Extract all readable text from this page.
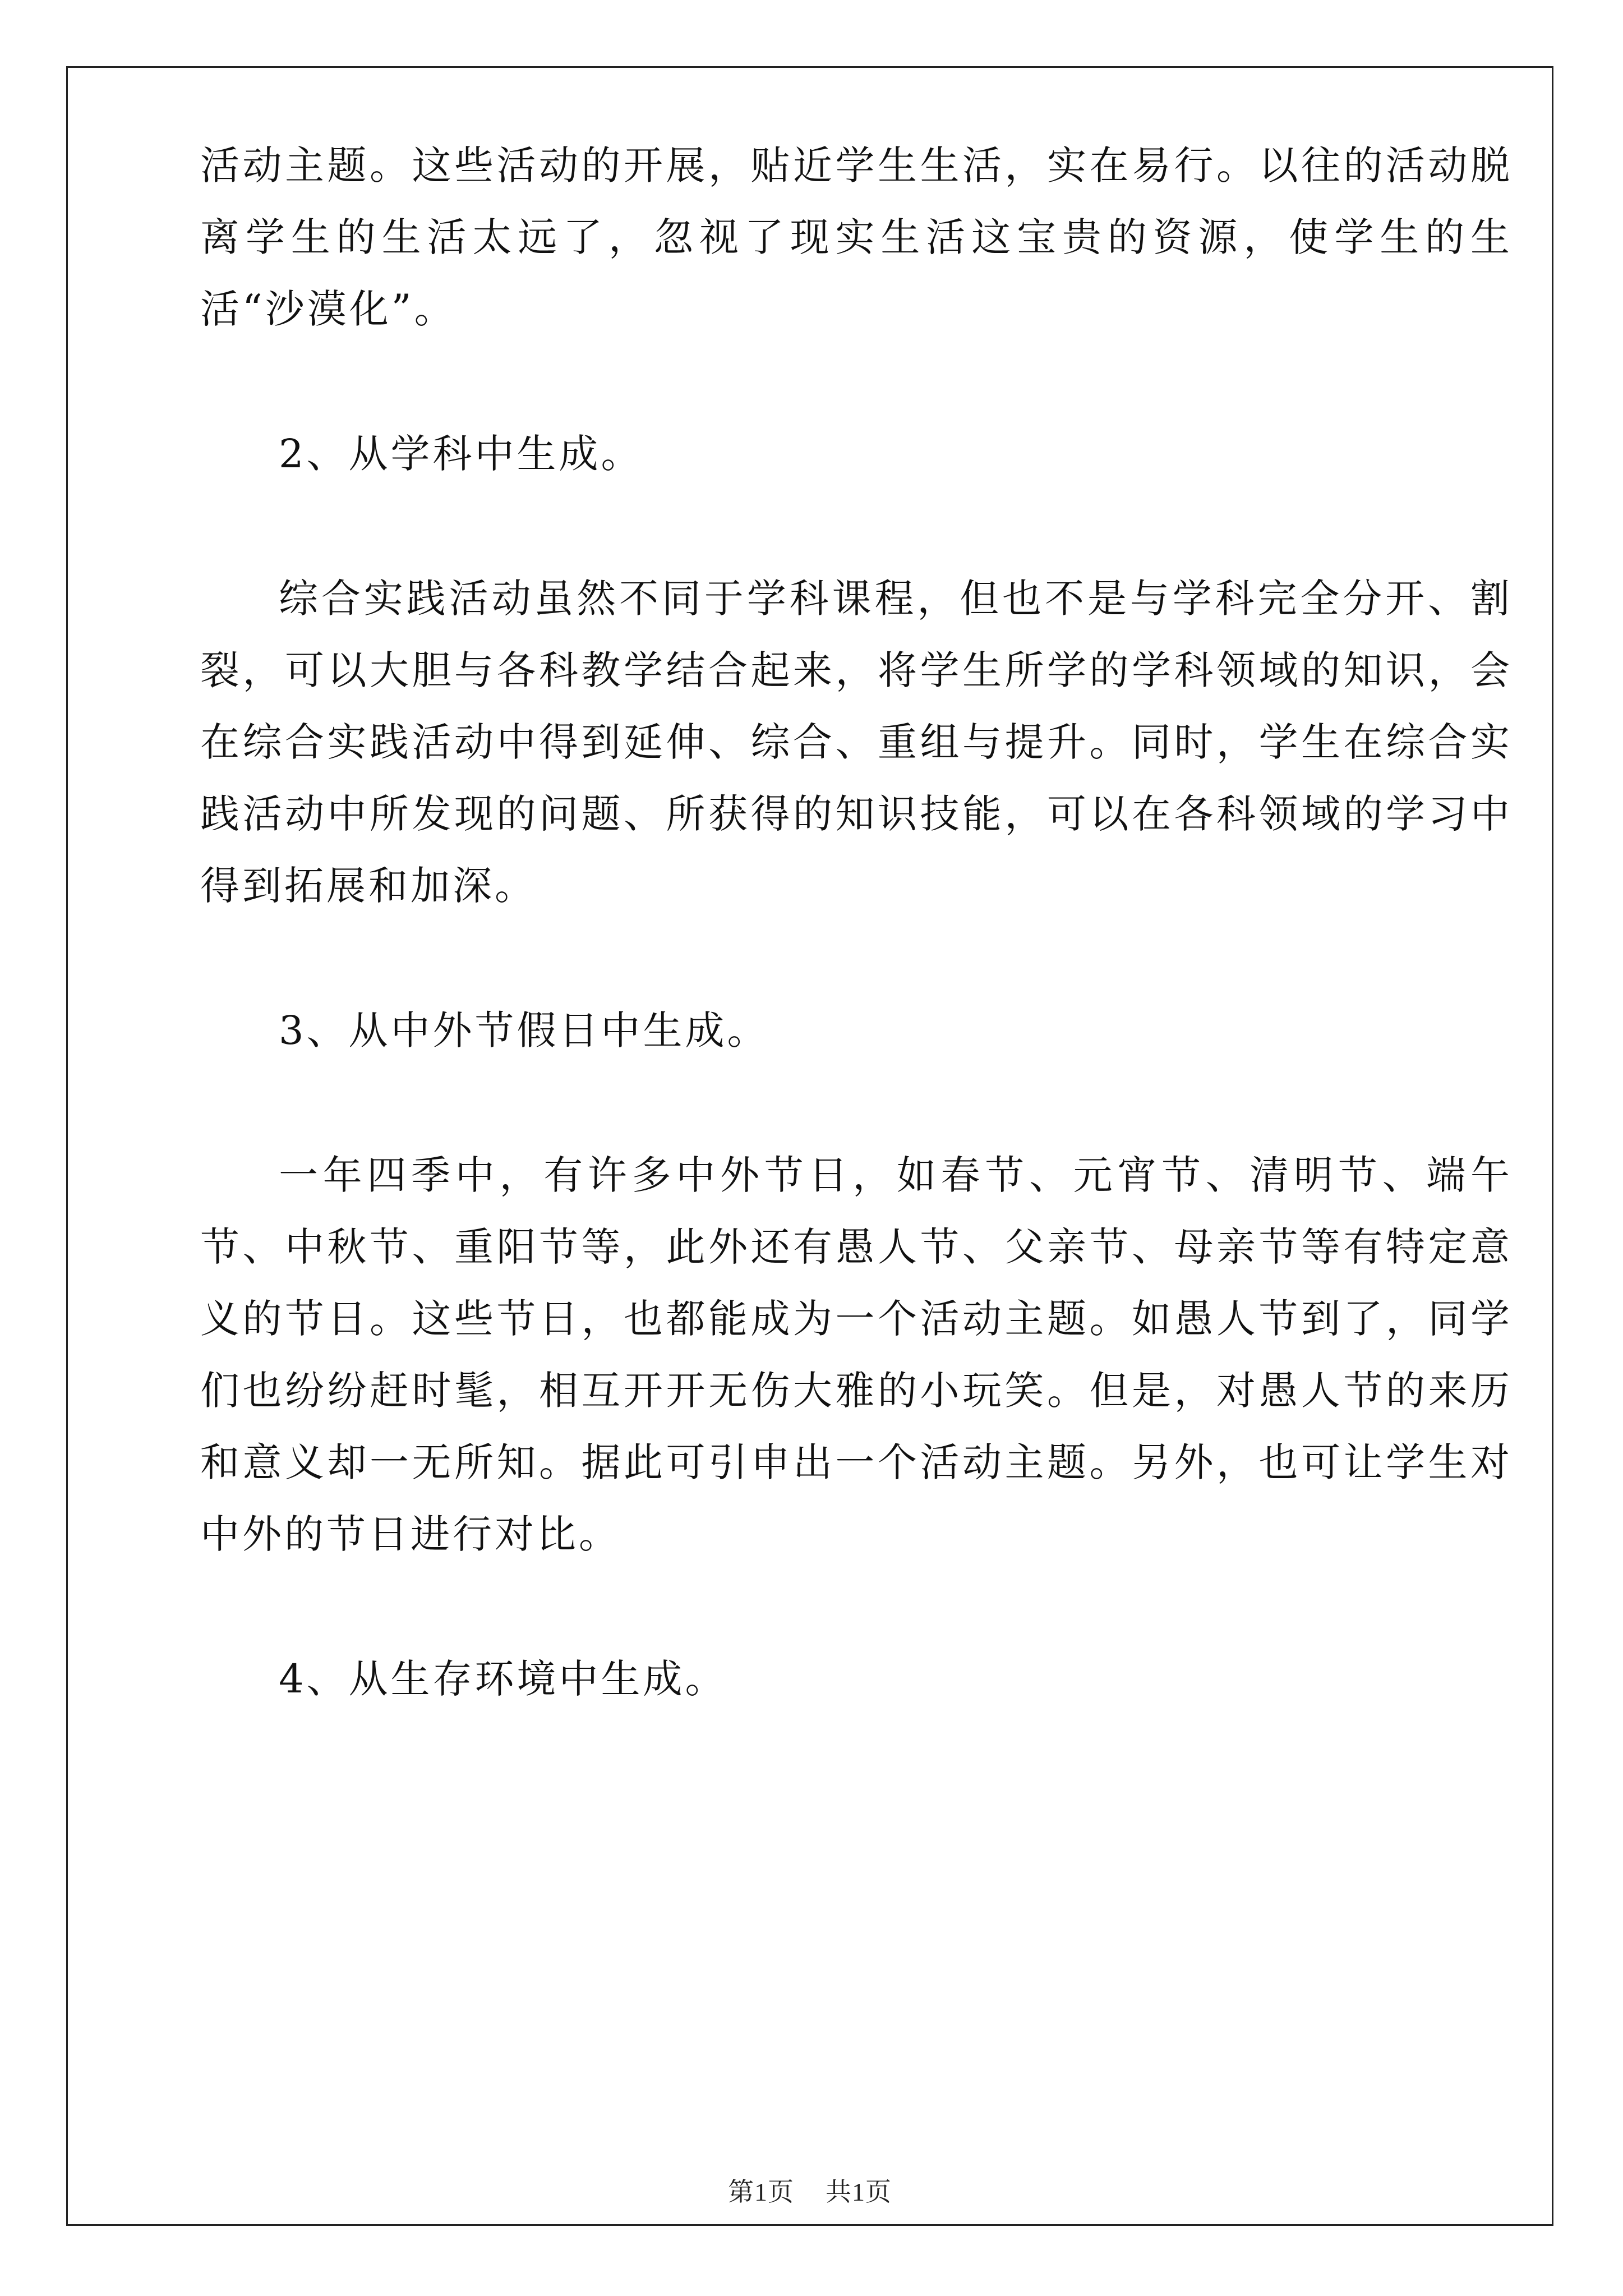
活动主题。这些活动的开展，贴近学生生活，实在易行。以往的活动脱离学生的生活太远了，忽视了现实生活这宝贵的资源，使学生的生活“沙漠化”。

2、从学科中生成。

综合实践活动虽然不同于学科课程，但也不是与学科完全分开、割裂，可以大胆与各科教学结合起来，将学生所学的学科领域的知识，会在综合实践活动中得到延伸、综合、重组与提升。同时，学生在综合实践活动中所发现的问题、所获得的知识技能，可以在各科领域的学习中得到拓展和加深。

3、从中外节假日中生成。

一年四季中，有许多中外节日，如春节、元宵节、清明节、端午节、中秋节、重阳节等，此外还有愚人节、父亲节、母亲节等有特定意义的节日。这些节日，也都能成为一个活动主题。如愚人节到了，同学们也纷纷赶时髦，相互开开无伤大雅的小玩笑。但是，对愚人节的来历和意义却一无所知。据此可引申出一个活动主题。另外，也可让学生对中外的节日进行对比。

4、从生存环境中生成。

第1页 共1页
